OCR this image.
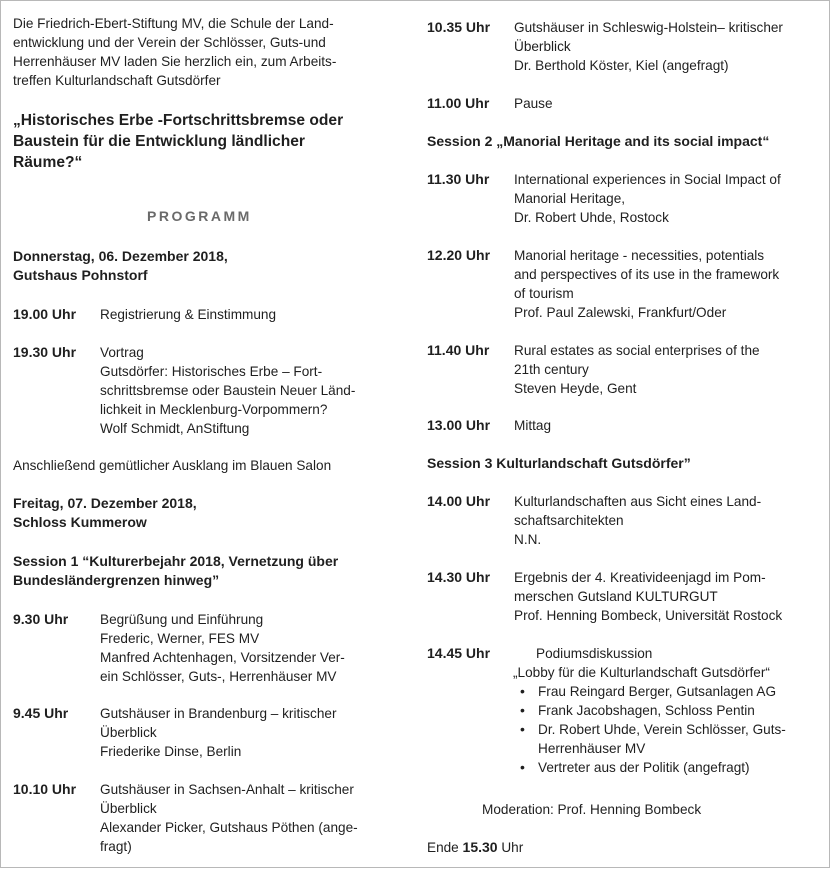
Die Friedrich-Ebert-Stiftung MV, die Schule der Land-
entwicklung und der Verein der Schlösser, Guts-und
Herrenhäuser MV laden Sie herzlich ein, zum Arbeits-
treffen Kulturlandschaft Gutsdörfer
„Historisches Erbe -Fortschrittsbremse oder
Baustein für die Entwicklung ländlicher
Räume?“
PROGRAMM
Donnerstag, 06. Dezember 2018,
Gutshaus Pohnstorf
19.00 Uhr Registrierung & Einstimmung
19.30 Uhr Vortrag
Gutsdörfer: Historisches Erbe – Fort-
schrittsbremse oder Baustein Neuer Länd-
lichkeit in Mecklenburg-Vorpommern?
Wolf Schmidt, AnStiftung
Anschließend gemütlicher Ausklang im Blauen Salon
Freitag, 07. Dezember 2018,
Schloss Kummerow
Session 1 “Kulturerbejahr 2018, Vernetzung über
Bundesländergrenzen hinweg”
9.30 Uhr Begrüßung und Einführung
Frederic, Werner, FES MV
Manfred Achtenhagen, Vorsitzender Ver-
ein Schlösser, Guts-, Herrenhäuser MV
9.45 Uhr Gutshäuser in Brandenburg – kritischer
Überblick
Friederike Dinse, Berlin
10.10 Uhr Gutshäuser in Sachsen-Anhalt – kritischer
Überblick
Alexander Picker, Gutshaus Pöthen (ange-
fragt)
10.35 Uhr Gutshäuser in Schleswig-Holstein– kritischer
Überblick
Dr. Berthold Köster, Kiel (angefragt)
11.00 Uhr Pause
Session 2 „Manorial Heritage and its social impact“
11.30 Uhr International experiences in Social Impact of
Manorial Heritage,
Dr. Robert Uhde, Rostock
12.20 Uhr Manorial heritage - necessities, potentials
and perspectives of its use in the framework
of tourism
Prof. Paul Zalewski, Frankfurt/Oder
11.40 Uhr Rural estates as social enterprises of the
21th century
Steven Heyde, Gent
13.00 Uhr Mittag
Session 3 Kulturlandschaft Gutsdörfer”
14.00 Uhr Kulturlandschaften aus Sicht eines Land-
schaftsarchitekten
N.N.
14.30 Uhr Ergebnis der 4. Kreativideenjagd im Pom-
merschen Gutsland KULTURGUT
Prof. Henning Bombeck, Universität Rostock
14.45 Uhr	Podiumsdiskussion
„Lobby für die Kulturlandschaft Gutsdörfer“
• Frau Reingard Berger, Gutsanlagen AG
• Frank Jacobshagen, Schloss Pentin
• Dr. Robert Uhde, Verein Schlösser, Guts-
Herrenhäuser MV
• Vertreter aus der Politik (angefragt)
Moderation: Prof. Henning Bombeck
Ende 15.30 Uhr
